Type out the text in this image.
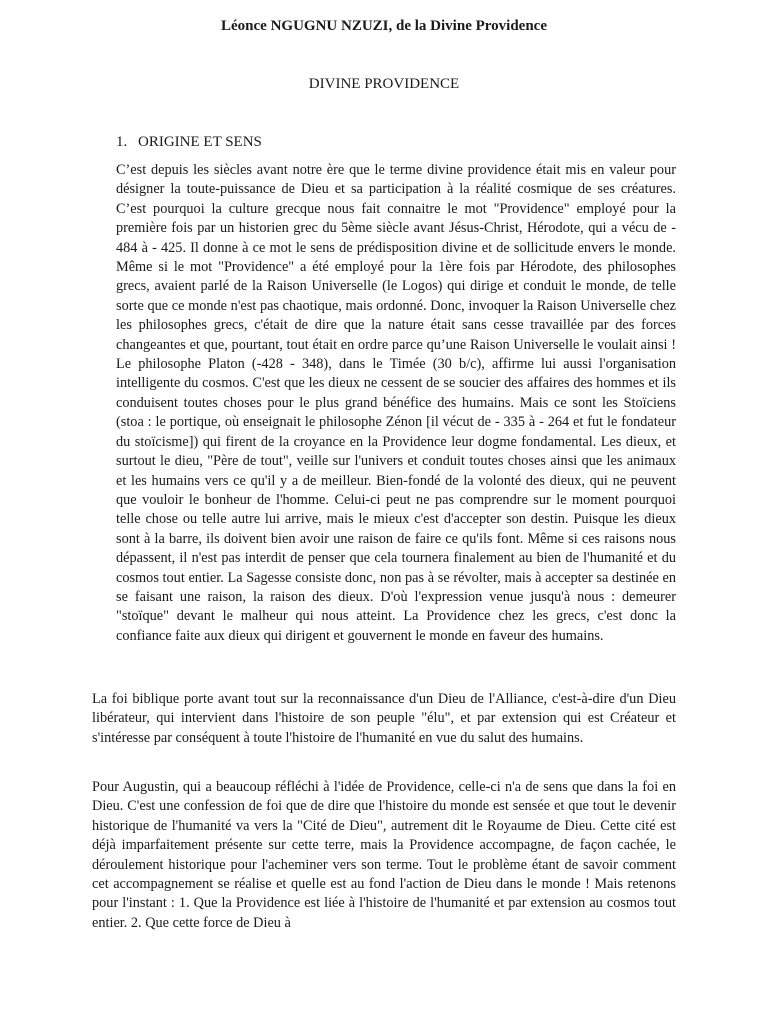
Léonce NGUGNU NZUZI, de la Divine Providence
DIVINE PROVIDENCE
1. ORIGINE ET SENS

C’est depuis les siècles avant notre ère que le terme divine providence était mis en valeur pour désigner la toute-puissance de Dieu et sa participation à la réalité cosmique de ses créatures. C’est pourquoi la culture grecque nous fait connaitre le mot "Providence" employé pour la première fois par un historien grec du 5ème siècle avant Jésus-Christ, Hérodote, qui a vécu de - 484 à - 425. Il donne à ce mot le sens de prédisposition divine et de sollicitude envers le monde. Même si le mot "Providence" a été employé pour la 1ère fois par Hérodote, des philosophes grecs, avaient parlé de la Raison Universelle (le Logos) qui dirige et conduit le monde, de telle sorte que ce monde n'est pas chaotique, mais ordonné. Donc, invoquer la Raison Universelle chez les philosophes grecs, c'était de dire que la nature était sans cesse travaillée par des forces changeantes et que, pourtant, tout était en ordre parce qu’une Raison Universelle le voulait ainsi ! Le philosophe Platon (-428 - 348), dans le Timée (30 b/c), affirme lui aussi l'organisation intelligente du cosmos. C'est que les dieux ne cessent de se soucier des affaires des hommes et ils conduisent toutes choses pour le plus grand bénéfice des humains. Mais ce sont les Stoïciens (stoa : le portique, où enseignait le philosophe Zénon [il vécut de - 335 à - 264 et fut le fondateur du stoïcisme]) qui firent de la croyance en la Providence leur dogme fondamental. Les dieux, et surtout le dieu, "Père de tout", veille sur l'univers et conduit toutes choses ainsi que les animaux et les humains vers ce qu'il y a de meilleur. Bien-fondé de la volonté des dieux, qui ne peuvent que vouloir le bonheur de l'homme. Celui-ci peut ne pas comprendre sur le moment pourquoi telle chose ou telle autre lui arrive, mais le mieux c'est d'accepter son destin. Puisque les dieux sont à la barre, ils doivent bien avoir une raison de faire ce qu'ils font. Même si ces raisons nous dépassent, il n'est pas interdit de penser que cela tournera finalement au bien de l'humanité et du cosmos tout entier. La Sagesse consiste donc, non pas à se révolter, mais à accepter sa destinée en se faisant une raison, la raison des dieux. D'où l'expression venue jusqu'à nous : demeurer "stoïque" devant le malheur qui nous atteint. La Providence chez les grecs, c'est donc la confiance faite aux dieux qui dirigent et gouvernent le monde en faveur des humains.

La foi biblique porte avant tout sur la reconnaissance d'un Dieu de l'Alliance, c'est-à-dire d'un Dieu libérateur, qui intervient dans l'histoire de son peuple "élu", et par extension qui est Créateur et s'intéresse par conséquent à toute l'histoire de l'humanité en vue du salut des humains.

Pour Augustin, qui a beaucoup réfléchi à l'idée de Providence, celle-ci n'a de sens que dans la foi en Dieu. C'est une confession de foi que de dire que l'histoire du monde est sensée et que tout le devenir historique de l'humanité va vers la "Cité de Dieu", autrement dit le Royaume de Dieu. Cette cité est déjà imparfaitement présente sur cette terre, mais la Providence accompagne, de façon cachée, le déroulement historique pour l'acheminer vers son terme. Tout le problème étant de savoir comment cet accompagnement se réalise et quelle est au fond l'action de Dieu dans le monde ! Mais retenons pour l'instant : 1. Que la Providence est liée à l'histoire de l'humanité et par extension au cosmos tout entier. 2. Que cette force de Dieu à
